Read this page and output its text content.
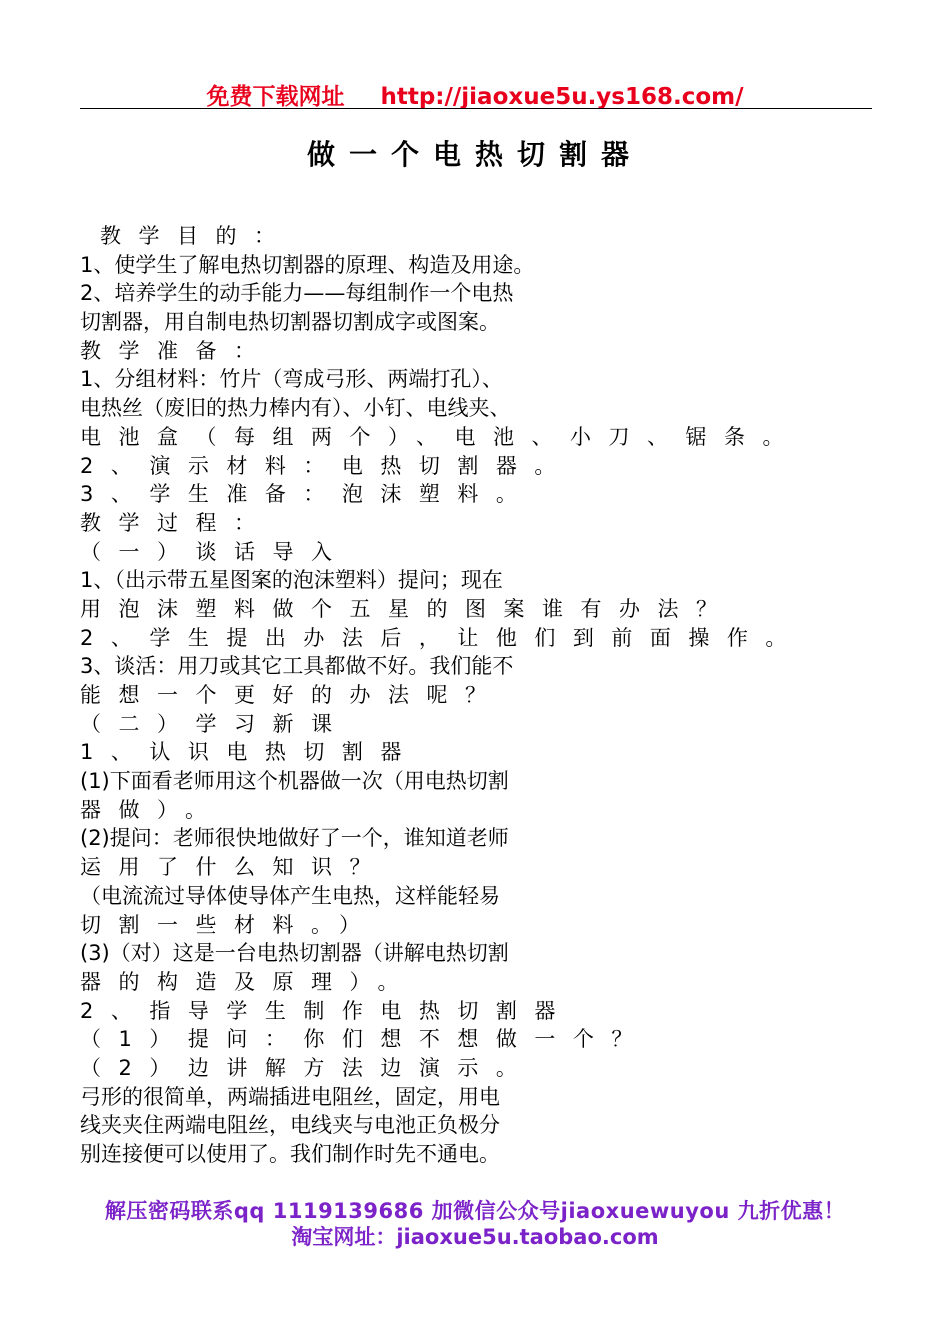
免费下载网址 http://jiaoxue5u.ys168.com/
做一个电热切割器
教学目的：
1、使学生了解电热切割器的原理、构造及用途。
2、培养学生的动手能力——每组制作一个电热
切割器，用自制电热切割器切割成字或图案。
教学准备：
1、分组材料：竹片（弯成弓形、两端打孔）、
电热丝（废旧的热力棒内有）、小钉、电线夹、
电池盒（每组两个）、电池、小刀、锯条。
2、演示材料：电热切割器。
3、学生准备：泡沫塑料。
教学过程：
（一）谈话导入
1、（出示带五星图案的泡沫塑料）提问；现在
用泡沫塑料做个五星的图案谁有办法？
2、学生提出办法后，让他们到前面操作。
3、谈活：用刀或其它工具都做不好。我们能不
能想一个更好的办法呢？
（二）学习新课
1、认识电热切割器
(1)下面看老师用这个机器做一次（用电热切割
器做）。
(2)提问：老师很快地做好了一个，谁知道老师
运用了什么知识？
（电流流过导体使导体产生电热，这样能轻易
切割一些材料。）
(3)（对）这是一台电热切割器（讲解电热切割
器的构造及原理）。
2、指导学生制作电热切割器
（1）提问：你们想不想做一个？
（2）边讲解方法边演示。
弓形的很简单，两端插进电阻丝，固定，用电
线夹夹住两端电阻丝，电线夹与电池正负极分
别连接便可以使用了。我们制作时先不通电。
解压密码联系qq 1119139686 加微信公众号jiaoxuewuyou 九折优惠！
淘宝网址：jiaoxue5u.taobao.com
